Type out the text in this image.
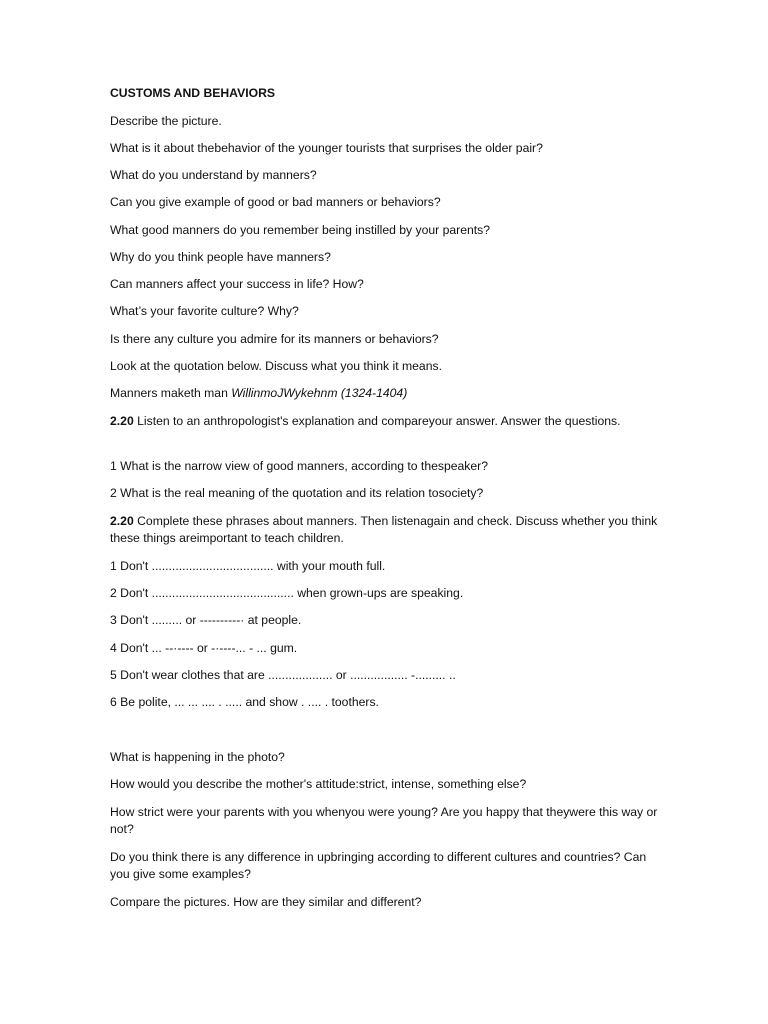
CUSTOMS AND BEHAVIORS
Describe the picture.
What is it about thebehavior of the younger tourists that surprises the older pair?
What do you understand by manners?
Can you give example of good or bad manners or behaviors?
What good manners do you remember being instilled by your parents?
Why do you think people have manners?
Can manners affect your success in life? How?
What’s your favorite culture? Why?
Is there any culture you admire for its manners or behaviors?
Look at the quotation below. Discuss what you think it means.
Manners maketh man WillinmoJWykehnm (1324-1404)
2.20 Listen to an anthropologist's explanation and compareyour answer. Answer the questions.
1 What is the narrow view of good manners, according to thespeaker?
2 What is the real meaning of the quotation and its relation tosociety?
2.20 Complete these phrases about manners. Then listenagain and check. Discuss whether you think these things areimportant to teach children.
1 Don't .................................... with your mouth full.
2 Don't .......................................... when grown-ups are speaking.
3 Don't ......... or ----------· at people.
4 Don't ... --·---- or -·----... - ... gum.
5 Don't wear clothes that are ................... or ................. -......... ..
6 Be polite, ... ... .... . ..... and show . .... . toothers.
What is happening in the photo?
How would you describe the mother's attitude:strict, intense, something else?
How strict were your parents with you whenyou were young? Are you happy that theywere this way or not?
Do you think there is any difference in upbringing according to different cultures and countries? Can you give some examples?
Compare the pictures. How are they similar and different?
